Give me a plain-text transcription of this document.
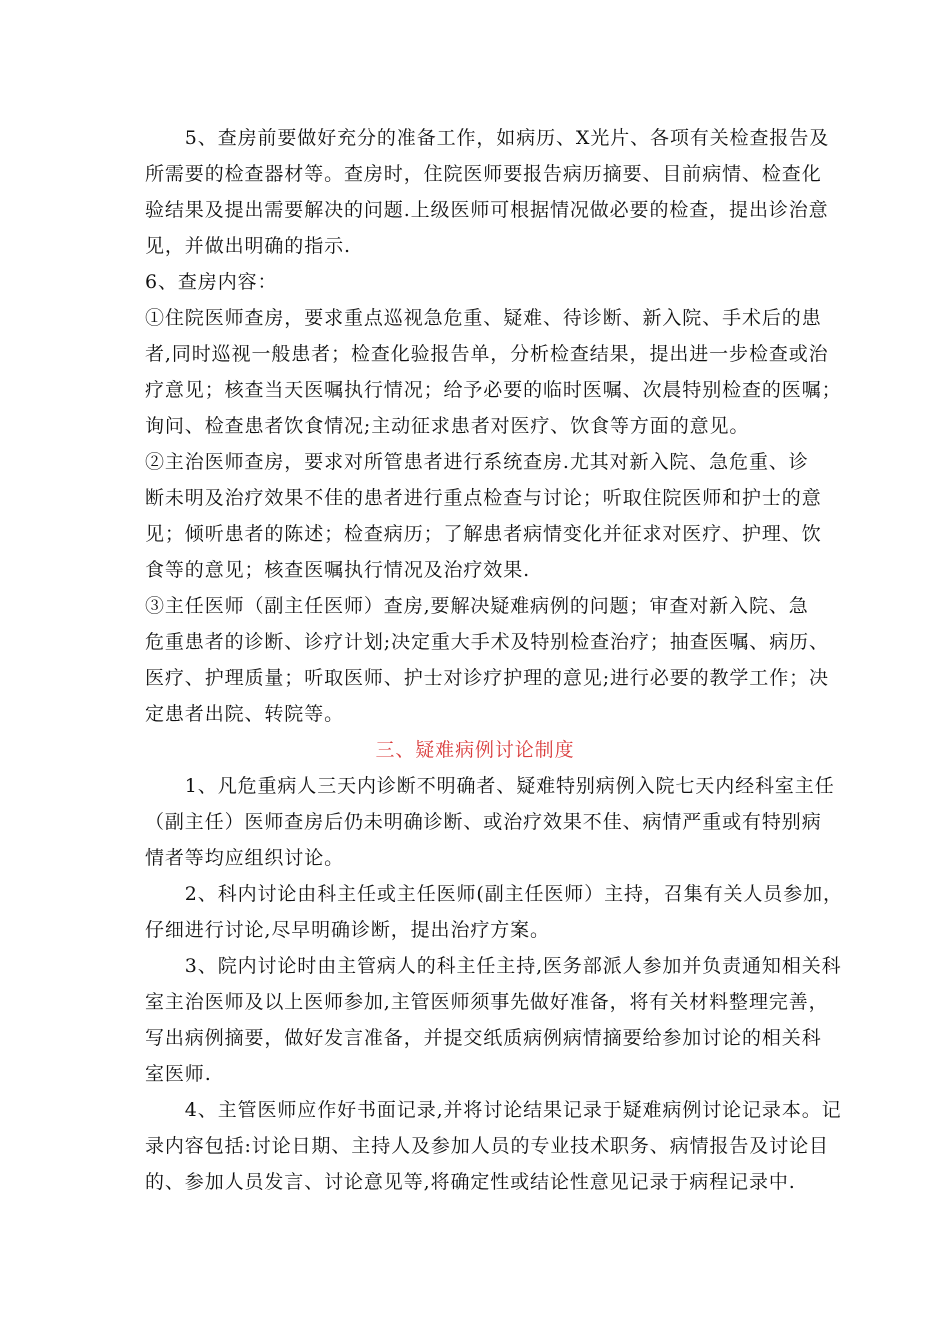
　　5、查房前要做好充分的准备工作，如病历、X光片、各项有关检查报告及
所需要的检查器材等。查房时，住院医师要报告病历摘要、目前病情、检查化
验结果及提出需要解决的问题.上级医师可根据情况做必要的检查，提出诊治意
见，并做出明确的指示.
6、查房内容：
①住院医师查房，要求重点巡视急危重、疑难、待诊断、新入院、手术后的患
者,同时巡视一般患者；检查化验报告单，分析检查结果，提出进一步检查或治
疗意见；核查当天医嘱执行情况；给予必要的临时医嘱、次晨特别检查的医嘱；
询问、检查患者饮食情况;主动征求患者对医疗、饮食等方面的意见。
②主治医师查房，要求对所管患者进行系统查房.尤其对新入院、急危重、诊
断未明及治疗效果不佳的患者进行重点检查与讨论；听取住院医师和护士的意
见；倾听患者的陈述；检查病历；了解患者病情变化并征求对医疗、护理、饮
食等的意见；核查医嘱执行情况及治疗效果.
③主任医师（副主任医师）查房,要解决疑难病例的问题；审查对新入院、急
危重患者的诊断、诊疗计划;决定重大手术及特别检查治疗；抽查医嘱、病历、
医疗、护理质量；听取医师、护士对诊疗护理的意见;进行必要的教学工作；决
定患者出院、转院等。
三、疑难病例讨论制度
　　1、凡危重病人三天内诊断不明确者、疑难特别病例入院七天内经科室主任
（副主任）医师查房后仍未明确诊断、或治疗效果不佳、病情严重或有特别病
情者等均应组织讨论。
　　2、科内讨论由科主任或主任医师(副主任医师）主持，召集有关人员参加，
仔细进行讨论,尽早明确诊断，提出治疗方案。
　　3、院内讨论时由主管病人的科主任主持,医务部派人参加并负责通知相关科
室主治医师及以上医师参加,主管医师须事先做好准备，将有关材料整理完善，
写出病例摘要，做好发言准备，并提交纸质病例病情摘要给参加讨论的相关科
室医师.
　　4、主管医师应作好书面记录,并将讨论结果记录于疑难病例讨论记录本。记
录内容包括:讨论日期、主持人及参加人员的专业技术职务、病情报告及讨论目
的、参加人员发言、讨论意见等,将确定性或结论性意见记录于病程记录中.
